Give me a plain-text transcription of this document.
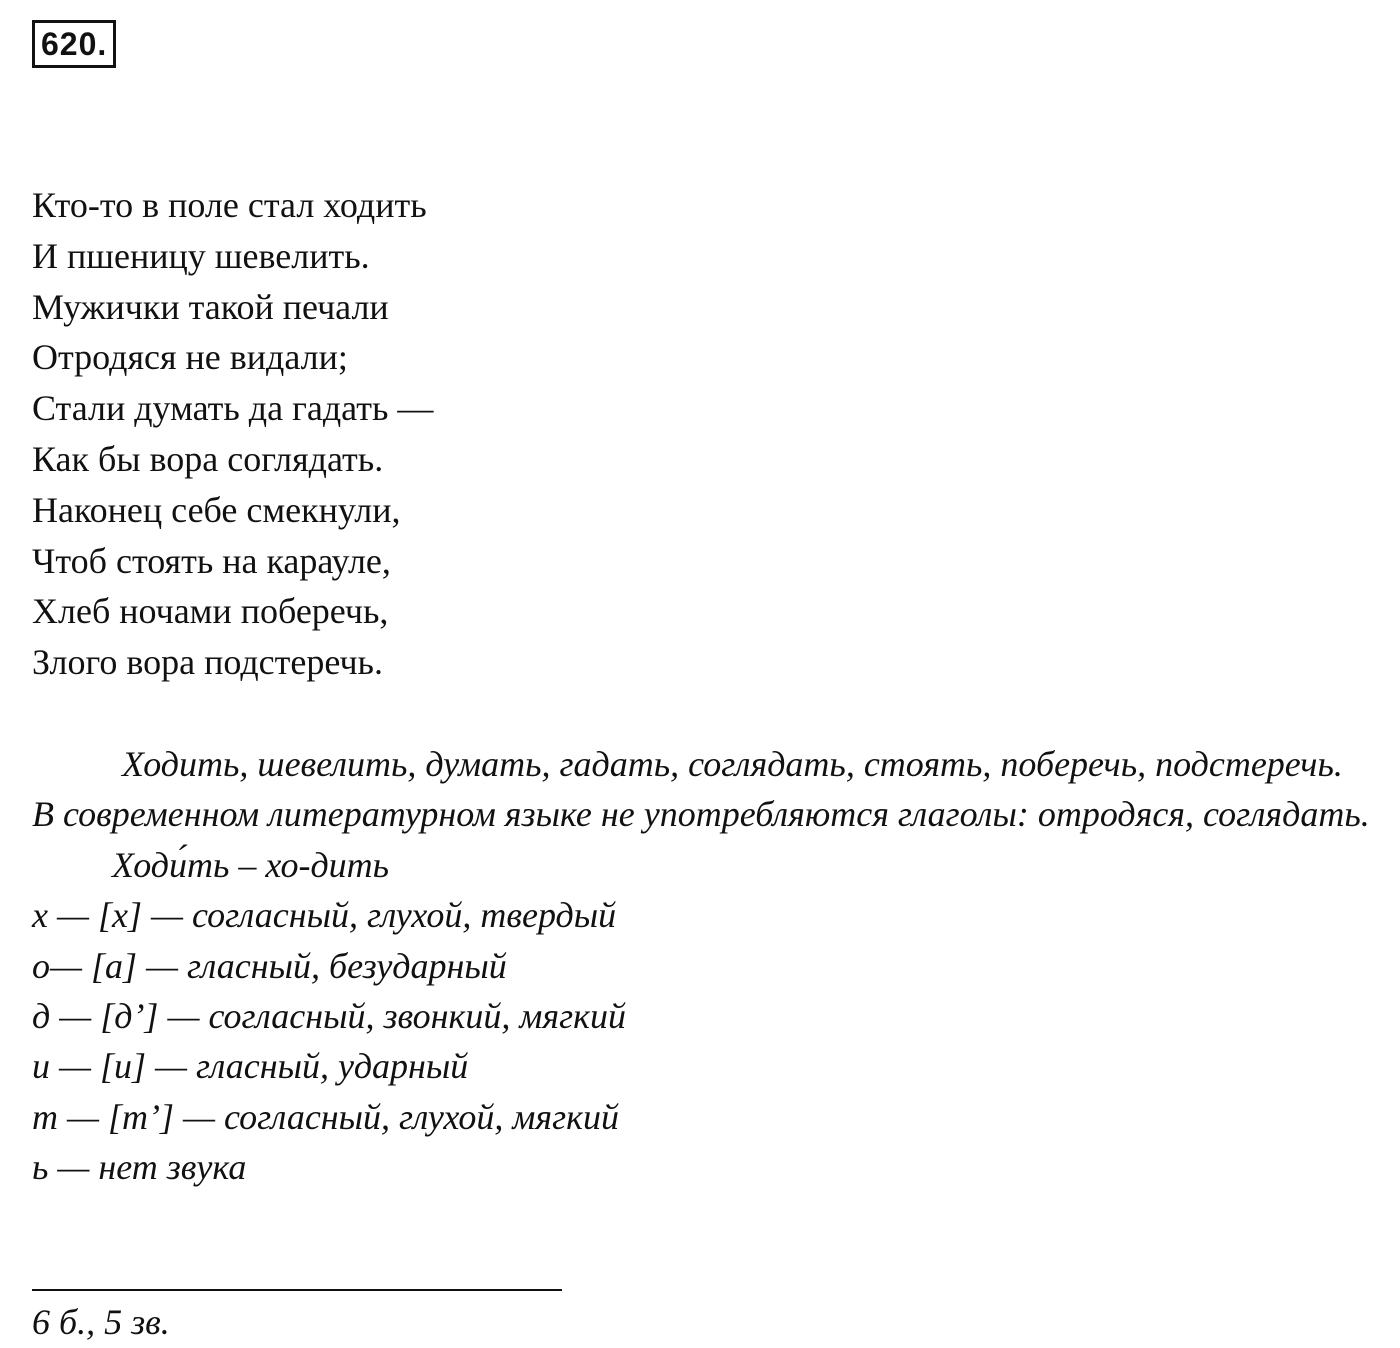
620.
Кто-то в поле стал ходить
И пшеницу шевелить.
Мужички такой печали
Отродяся не видали;
Стали думать да гадать —
Как бы вора соглядать.
Наконец себе смекнули,
Чтоб стоять на карауле,
Хлеб ночами поберечь,
Злого вора подстеречь.

Ходить, шевелить, думать, гадать, соглядать, стоять, поберечь, подстеречь. В современном литературном языке не употребляются глаголы: отродяся, соглядать.

Ходи́ть – хо-дить
х — [х] — согласный, глухой, твердый
о— [а] — гласный, безударный
д — [д’] — согласный, звонкий, мягкий
и — [и] — гласный, ударный
т — [т’] — согласный, глухой, мягкий
ь — нет звука
6 б., 5 зв.
